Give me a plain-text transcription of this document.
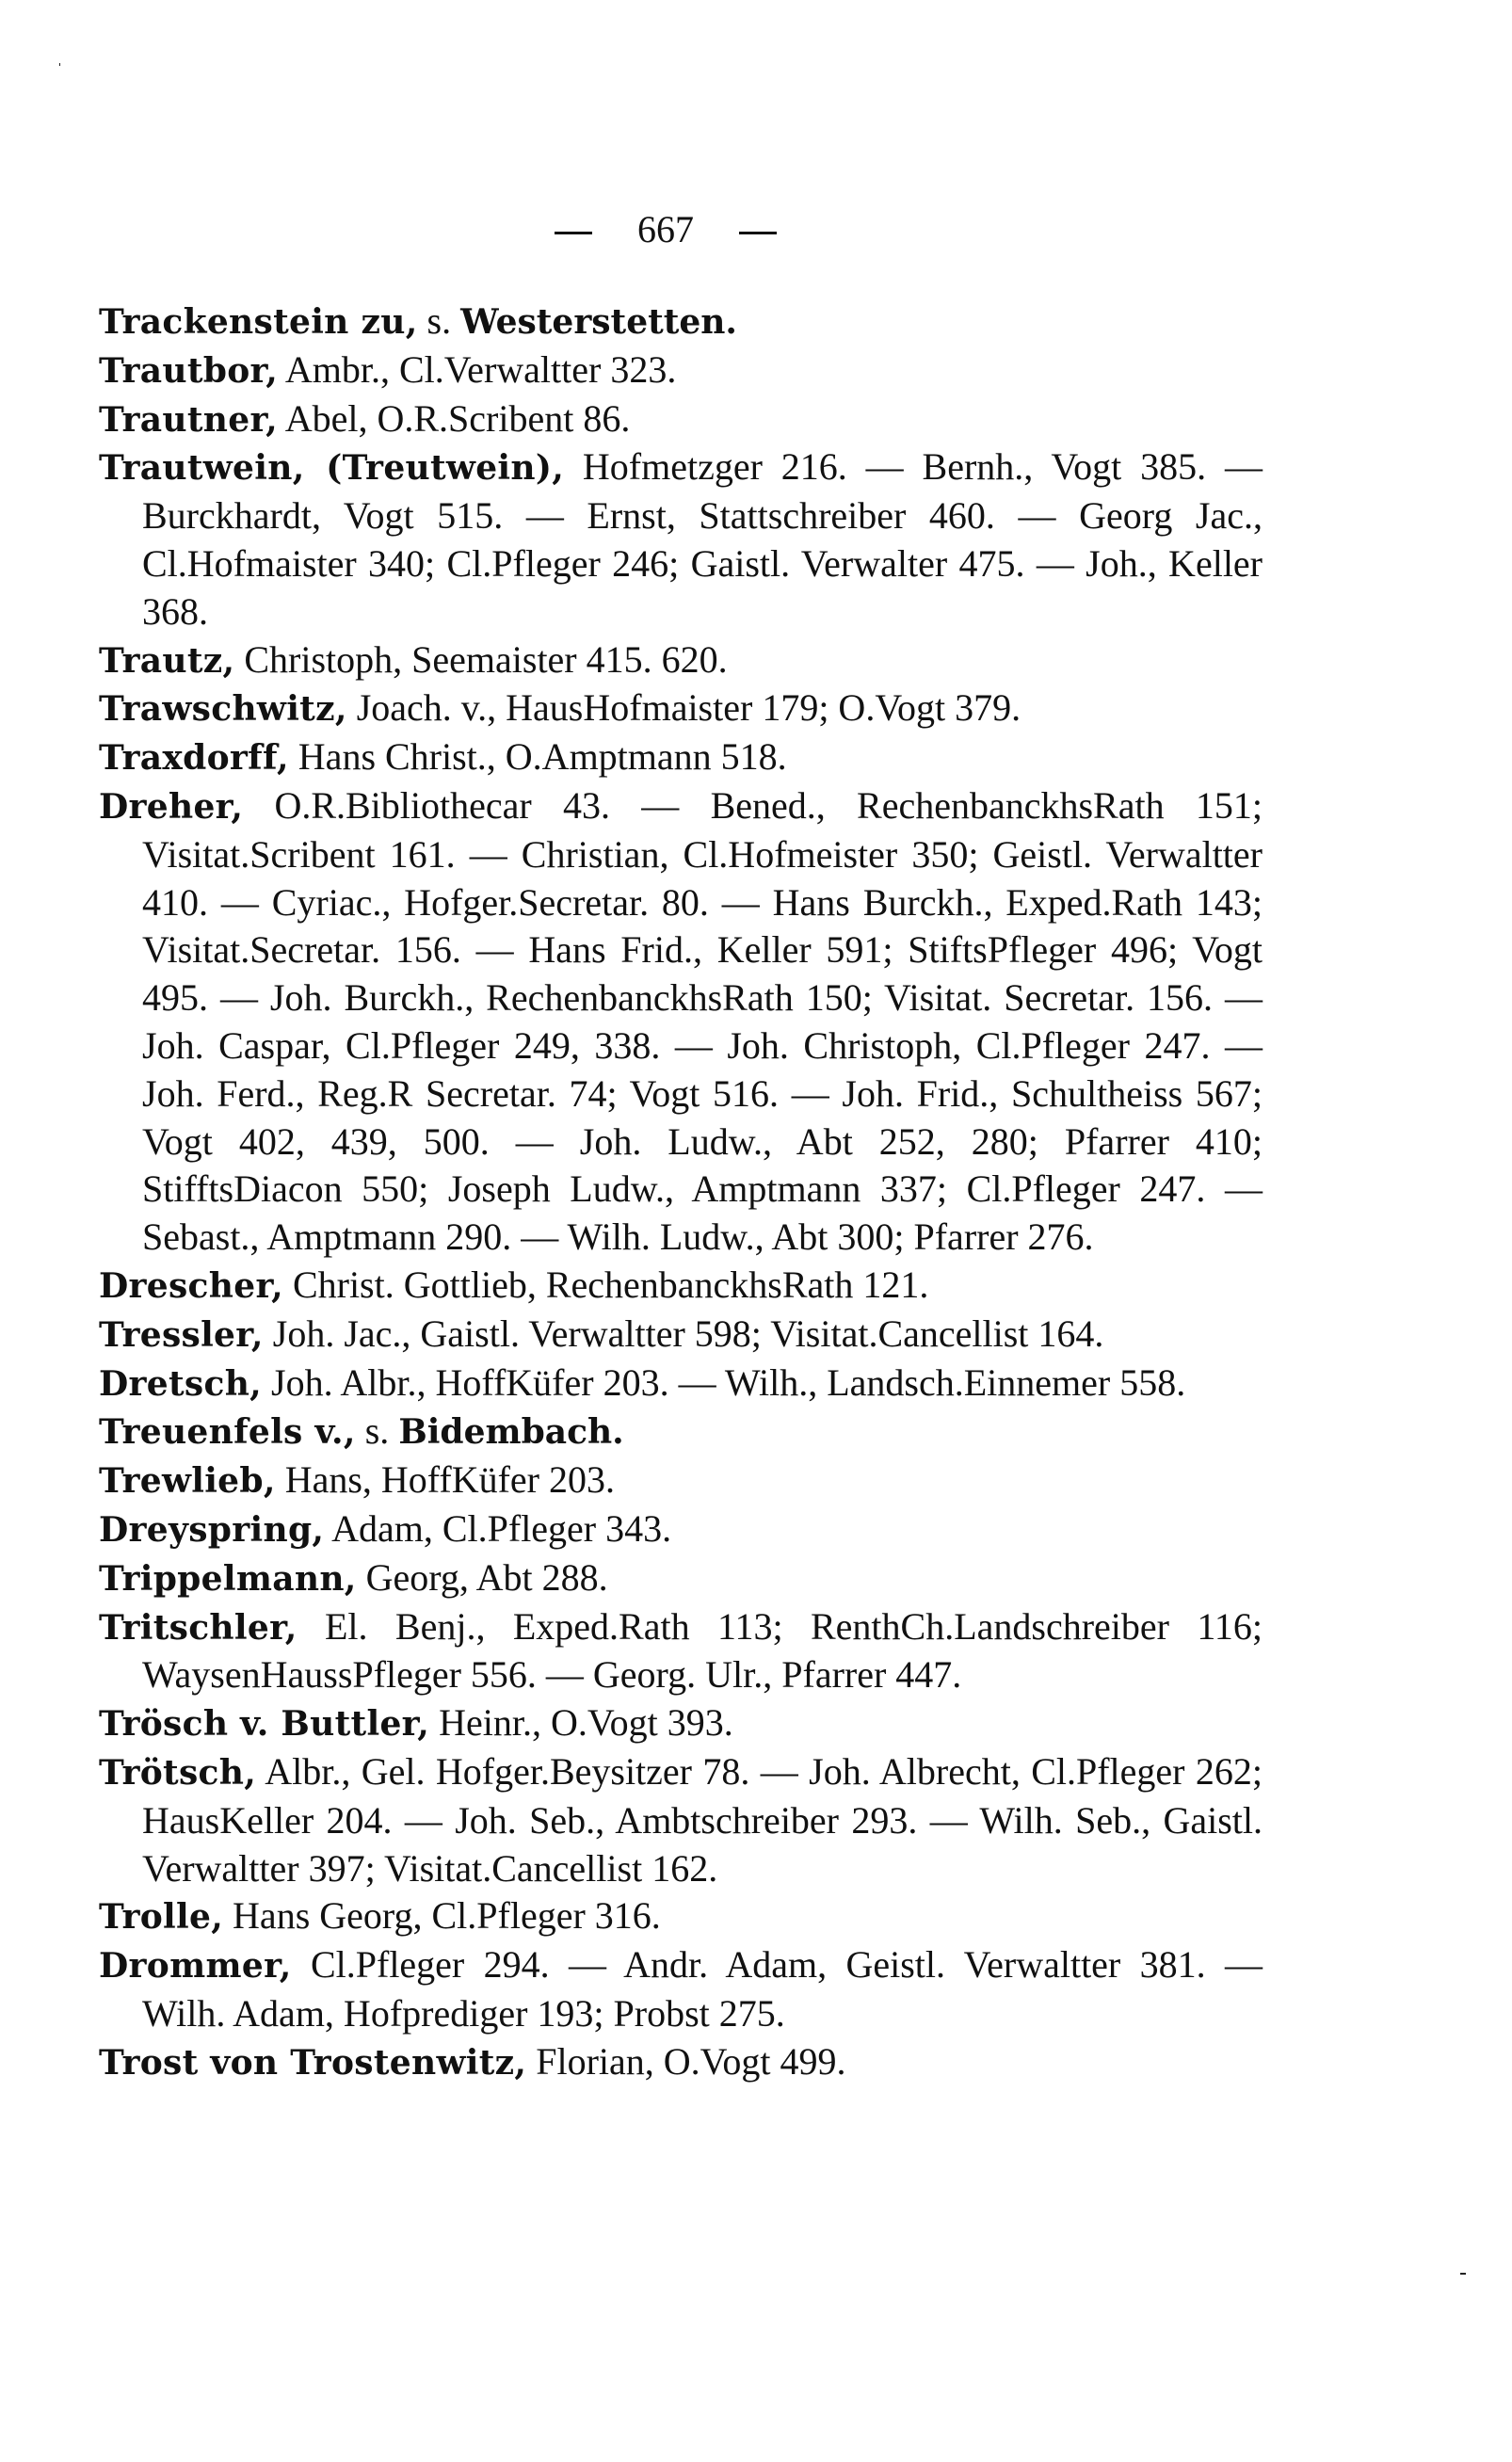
667

Trackenstein zu, s. Westerstetten.

Trautbor, Ambr., Cl.Verwaltter 323.

Trautner, Abel, O.R.Scribent 86.

Trautwein, (Treutwein), Hofmetzger 216. — Bernh., Vogt 385. — Burckhardt, Vogt 515. — Ernst, Stattschreiber 460. — Georg Jac., Cl.Hofmaister 340; Cl.Pfleger 246; Gaistl. Verwalter 475. — Joh., Keller 368.

Trautz, Christoph, Seemaister 415. 620.

Trawschwitz, Joach. v., HausHofmaister 179; O.Vogt 379.

Traxdorff, Hans Christ., O.Amptmann 518.

Dreher, O.R.Bibliothecar 43. — Bened., RechenbanckhsRath 151; Visitat.Scribent 161. — Christian, Cl.Hofmeister 350; Geistl. Verwaltter 410. — Cyriac., Hofger.Secretar. 80. — Hans Burckh., Exped.Rath 143; Visitat.Secretar. 156. — Hans Frid., Keller 591; StiftsPfleger 496; Vogt 495. — Joh. Burckh., RechenbanckhsRath 150; Visitat. Secretar. 156. — Joh. Caspar, Cl.Pfleger 249, 338. — Joh. Christoph, Cl.Pfleger 247. — Joh. Ferd., Reg.R Secretar. 74; Vogt 516. — Joh. Frid., Schultheiss 567; Vogt 402, 439, 500. — Joh. Ludw., Abt 252, 280; Pfarrer 410; StifftsDiacon 550; Joseph Ludw., Amptmann 337; Cl.Pfleger 247. — Sebast., Amptmann 290. — Wilh. Ludw., Abt 300; Pfarrer 276.

Drescher, Christ. Gottlieb, RechenbanckhsRath 121.

Tressler, Joh. Jac., Gaistl. Verwaltter 598; Visitat.Cancellist 164.

Dretsch, Joh. Albr., HoffKüfer 203. — Wilh., Landsch.Einnemer 558.

Treuenfels v., s. Bidembach.

Trewlieb, Hans, HoffKüfer 203.

Dreyspring, Adam, Cl.Pfleger 343.

Trippelmann, Georg, Abt 288.

Tritschler, El. Benj., Exped.Rath 113; RenthCh.Landschreiber 116; WaysenHaussPfleger 556. — Georg. Ulr., Pfarrer 447.

Trösch v. Buttler, Heinr., O.Vogt 393.

Trötsch, Albr., Gel. Hofger.Beysitzer 78. — Joh. Albrecht, Cl.Pfleger 262; HausKeller 204. — Joh. Seb., Ambtschreiber 293. — Wilh. Seb., Gaistl. Verwaltter 397; Visitat.Cancellist 162.

Trolle, Hans Georg, Cl.Pfleger 316.

Drommer, Cl.Pfleger 294. — Andr. Adam, Geistl. Verwaltter 381. — Wilh. Adam, Hofprediger 193; Probst 275.

Trost von Trostenwitz, Florian, O.Vogt 499.
